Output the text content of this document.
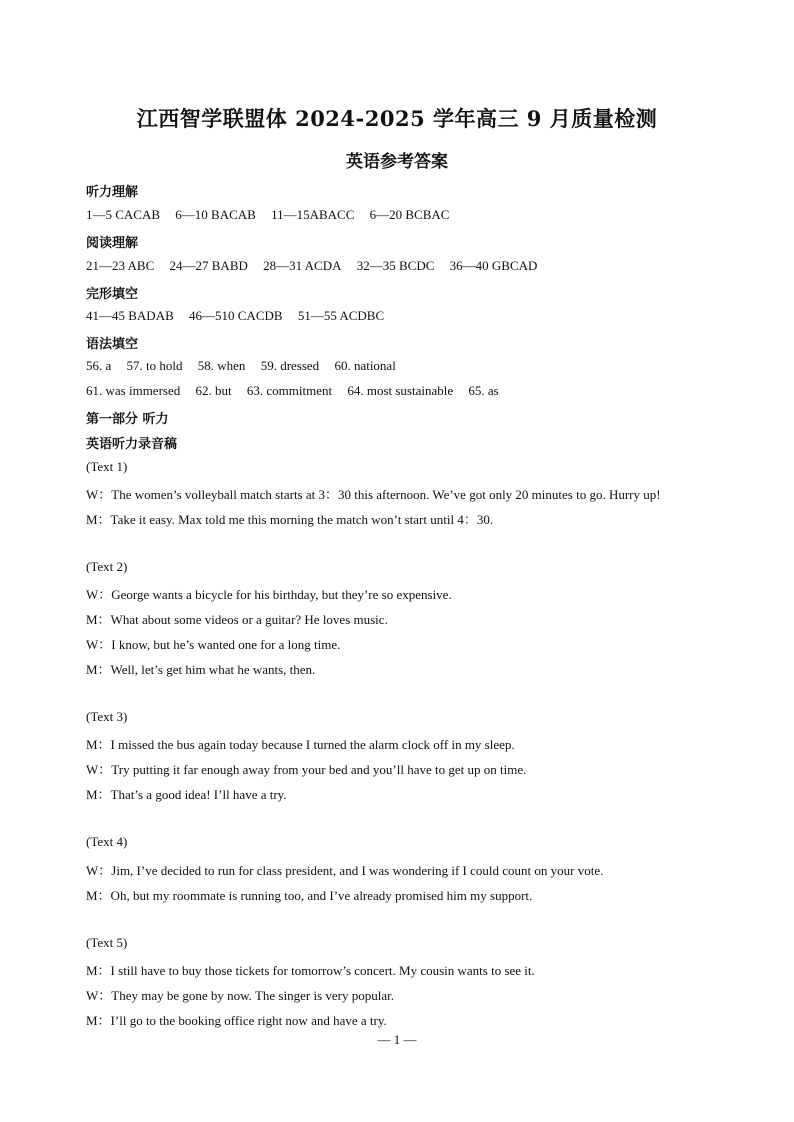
江西智学联盟体 2024-2025 学年高三 9 月质量检测
英语参考答案
听力理解
1—5 CACAB 6—10 BACAB 11—15ABACC 6—20 BCBAC
阅读理解
21—23 ABC 24—27 BABD 28—31 ACDA 32—35 BCDC 36—40 GBCAD
完形填空
41—45 BADAB 46—510 CACDB 51—55 ACDBC
语法填空
56. a 57. to hold 58. when 59. dressed 60. national
61. was immersed 62. but 63. commitment 64. most sustainable 65. as
第一部分 听力
英语听力录音稿
(Text 1)
W：The women’s volleyball match starts at 3：30 this afternoon. We’ve got only 20 minutes to go. Hurry up!
M：Take it easy. Max told me this morning the match won’t start until 4：30.
(Text 2)
W：George wants a bicycle for his birthday, but they’re so expensive.
M：What about some videos or a guitar? He loves music.
W：I know, but he’s wanted one for a long time.
M：Well, let’s get him what he wants, then.
(Text 3)
M：I missed the bus again today because I turned the alarm clock off in my sleep.
W：Try putting it far enough away from your bed and you’ll have to get up on time.
M：That’s a good idea! I’ll have a try.
(Text 4)
W：Jim, I’ve decided to run for class president, and I was wondering if I could count on your vote.
M：Oh, but my roommate is running too, and I’ve already promised him my support.
(Text 5)
M：I still have to buy those tickets for tomorrow’s concert. My cousin wants to see it.
W：They may be gone by now. The singer is very popular.
M：I’ll go to the booking office right now and have a try.
— 1 —
